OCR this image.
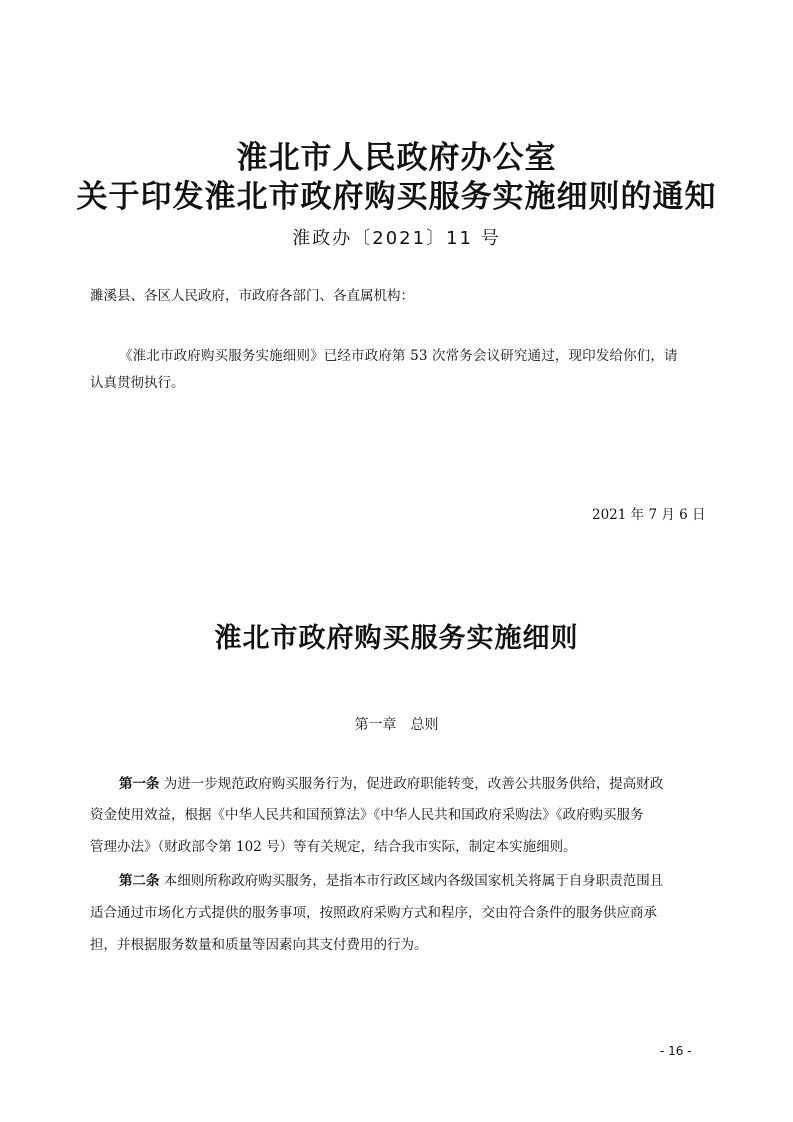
淮北市人民政府办公室
关于印发淮北市政府购买服务实施细则的通知
淮政办〔2021〕11 号
濉溪县、各区人民政府，市政府各部门、各直属机构：
《淮北市政府购买服务实施细则》已经市政府第 53 次常务会议研究通过，现印发给你们，请
认真贯彻执行。
2021 年 7 月 6 日
淮北市政府购买服务实施细则
第一章　总则
第一条 为进一步规范政府购买服务行为，促进政府职能转变，改善公共服务供给，提高财政
资金使用效益，根据《中华人民共和国预算法》《中华人民共和国政府采购法》《政府购买服务
管理办法》（财政部令第 102 号）等有关规定，结合我市实际，制定本实施细则。
第二条 本细则所称政府购买服务，是指本市行政区域内各级国家机关将属于自身职责范围且
适合通过市场化方式提供的服务事项，按照政府采购方式和程序，交由符合条件的服务供应商承
担，并根据服务数量和质量等因素向其支付费用的行为。
- 16 -
